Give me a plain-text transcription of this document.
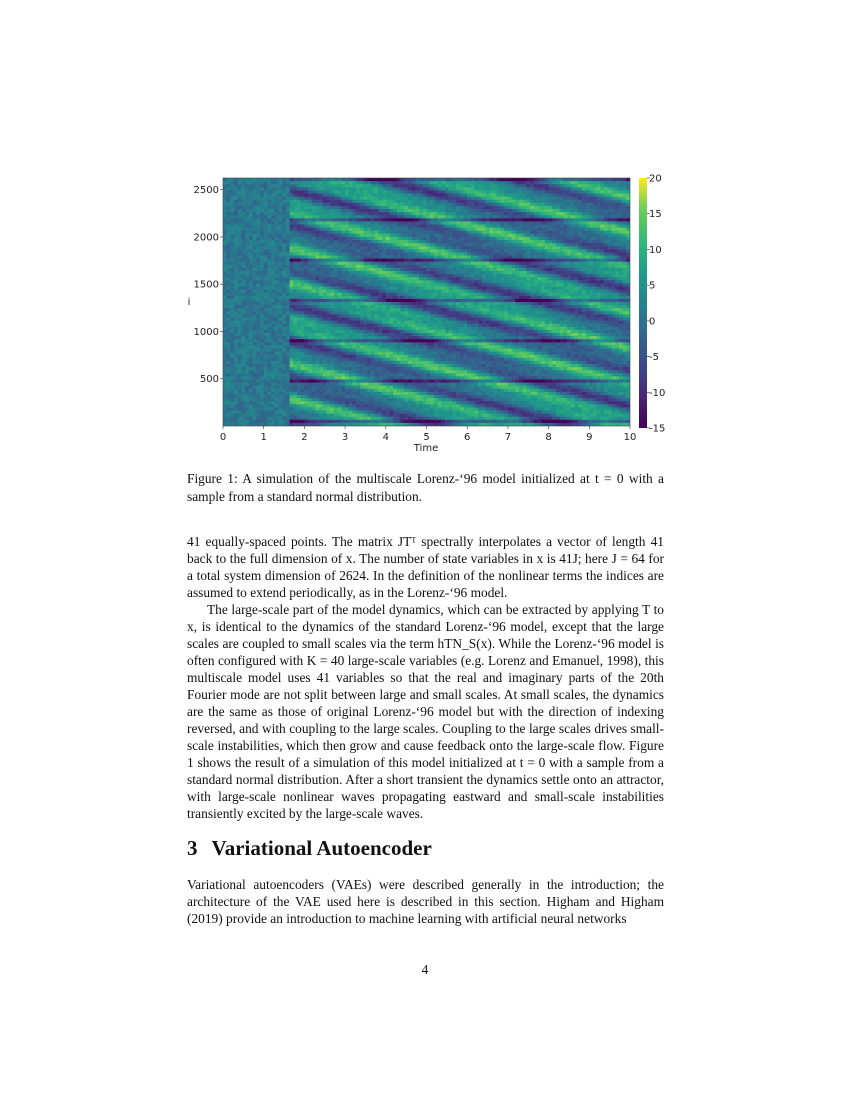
0	1	2	3	4	5	6	7	8	9	10
500
1000
1500
2000
2500
Time
i
20
15
10
5
0
-5
-10
-15
Figure 1: A simulation of the multiscale Lorenz-‘96 model initialized at t = 0 with a sample from a standard normal distribution.

41 equally-spaced points. The matrix JTᵀ spectrally interpolates a vector of length 41 back to the full dimension of x. The number of state variables in x is 41J; here J = 64 for a total system dimension of 2624. In the definition of the nonlinear terms the indices are assumed to extend periodically, as in the Lorenz-‘96 model.

The large-scale part of the model dynamics, which can be extracted by applying T to x, is identical to the dynamics of the standard Lorenz-‘96 model, except that the large scales are coupled to small scales via the term hTN_S(x). While the Lorenz-‘96 model is often configured with K = 40 large-scale variables (e.g. Lorenz and Emanuel, 1998), this multiscale model uses 41 variables so that the real and imaginary parts of the 20th Fourier mode are not split between large and small scales. At small scales, the dynamics are the same as those of original Lorenz-‘96 model but with the direction of indexing reversed, and with coupling to the large scales. Coupling to the large scales drives small-scale instabilities, which then grow and cause feedback onto the large-scale flow. Figure 1 shows the result of a simulation of this model initialized at t = 0 with a sample from a standard normal distribution. After a short transient the dynamics settle onto an attractor, with large-scale nonlinear waves propagating eastward and small-scale instabilities transiently excited by the large-scale waves.

3 Variational Autoencoder

Variational autoencoders (VAEs) were described generally in the introduction; the architecture of the VAE used here is described in this section. Higham and Higham (2019) provide an introduction to machine learning with artificial neural networks

4
